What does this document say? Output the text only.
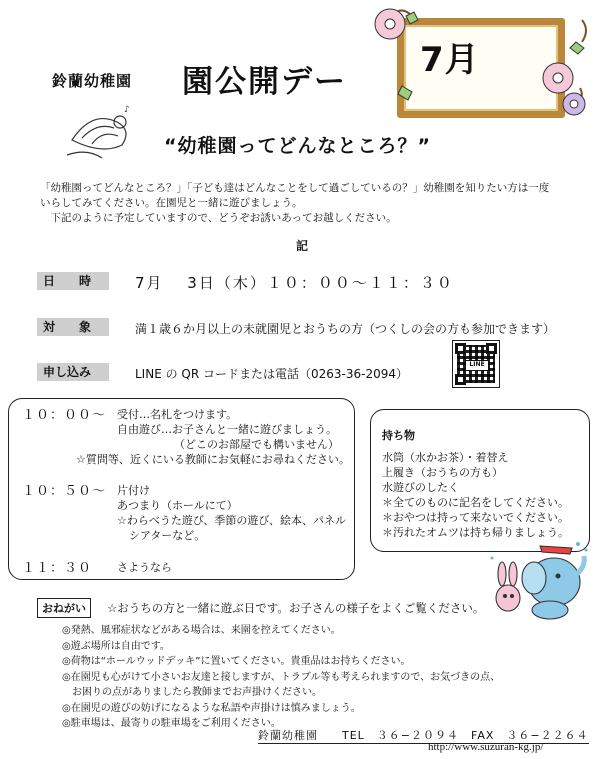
鈴蘭幼稚園 園公開デー
♪
7月
“幼稚園ってどんなところ？”

「幼稚園ってどんなところ？」「子ども達はどんなことをして過ごしているの？」幼稚園を知りたい方は一度

いらしてみてください。在園児と一緒に遊びましょう。

　下記のように予定していますので、どうぞお誘いあってお越しください。

記
日　　時	7月　 3日（木）１０：００〜１１：３０
対　　象	満１歳６か月以上の未就園児とおうちの方（つくしの会の方も参加できます）
申し込み	LINE の QR コードまたは電話（0263-36-2094）
LINE
１０：００〜 受付…名札をつけます。
自由遊び…お子さんと一緒に遊びましょう。
（どこのお部屋でも構いません）
☆質問等、近くにいる教師にお気軽にお尋ねください。
１０：５０〜 片付け
あつまり（ホールにて）
☆わらべうた遊び、季節の遊び、絵本、パネル
シアターなど。
１１：３０ さようなら
持ち物
水筒（水かお茶）・着替え
上履き（おうちの方も）
水遊びのしたく
＊全てのものに記名をしてください。
＊おやつは持って来ないでください。
＊汚れたオムツは持ち帰りましょう。
おねがい	☆おうちの方と一緒に遊ぶ日です。お子さんの様子をよくご覧ください。

◎発熱、風邪症状などがある場合は、来園を控えてください。

◎遊ぶ場所は自由です。

◎荷物は“ホールウッドデッキ”に置いてください。貴重品はお持ちください。

◎在園児も心がけて小さいお友達と接しますが、トラブル等も考えられますので、お気づきの点、

　お困りの点がありましたら教師までお声掛けください。

◎在園児の遊びの妨げになるような私語や声掛けは慎みましょう。

◎駐車場は、最寄りの駐車場をご利用ください。

鈴蘭幼稚園　　TEL　３６−２０９４　FAX　３６−２２６４
http://www.suzuran-kg.jp/
